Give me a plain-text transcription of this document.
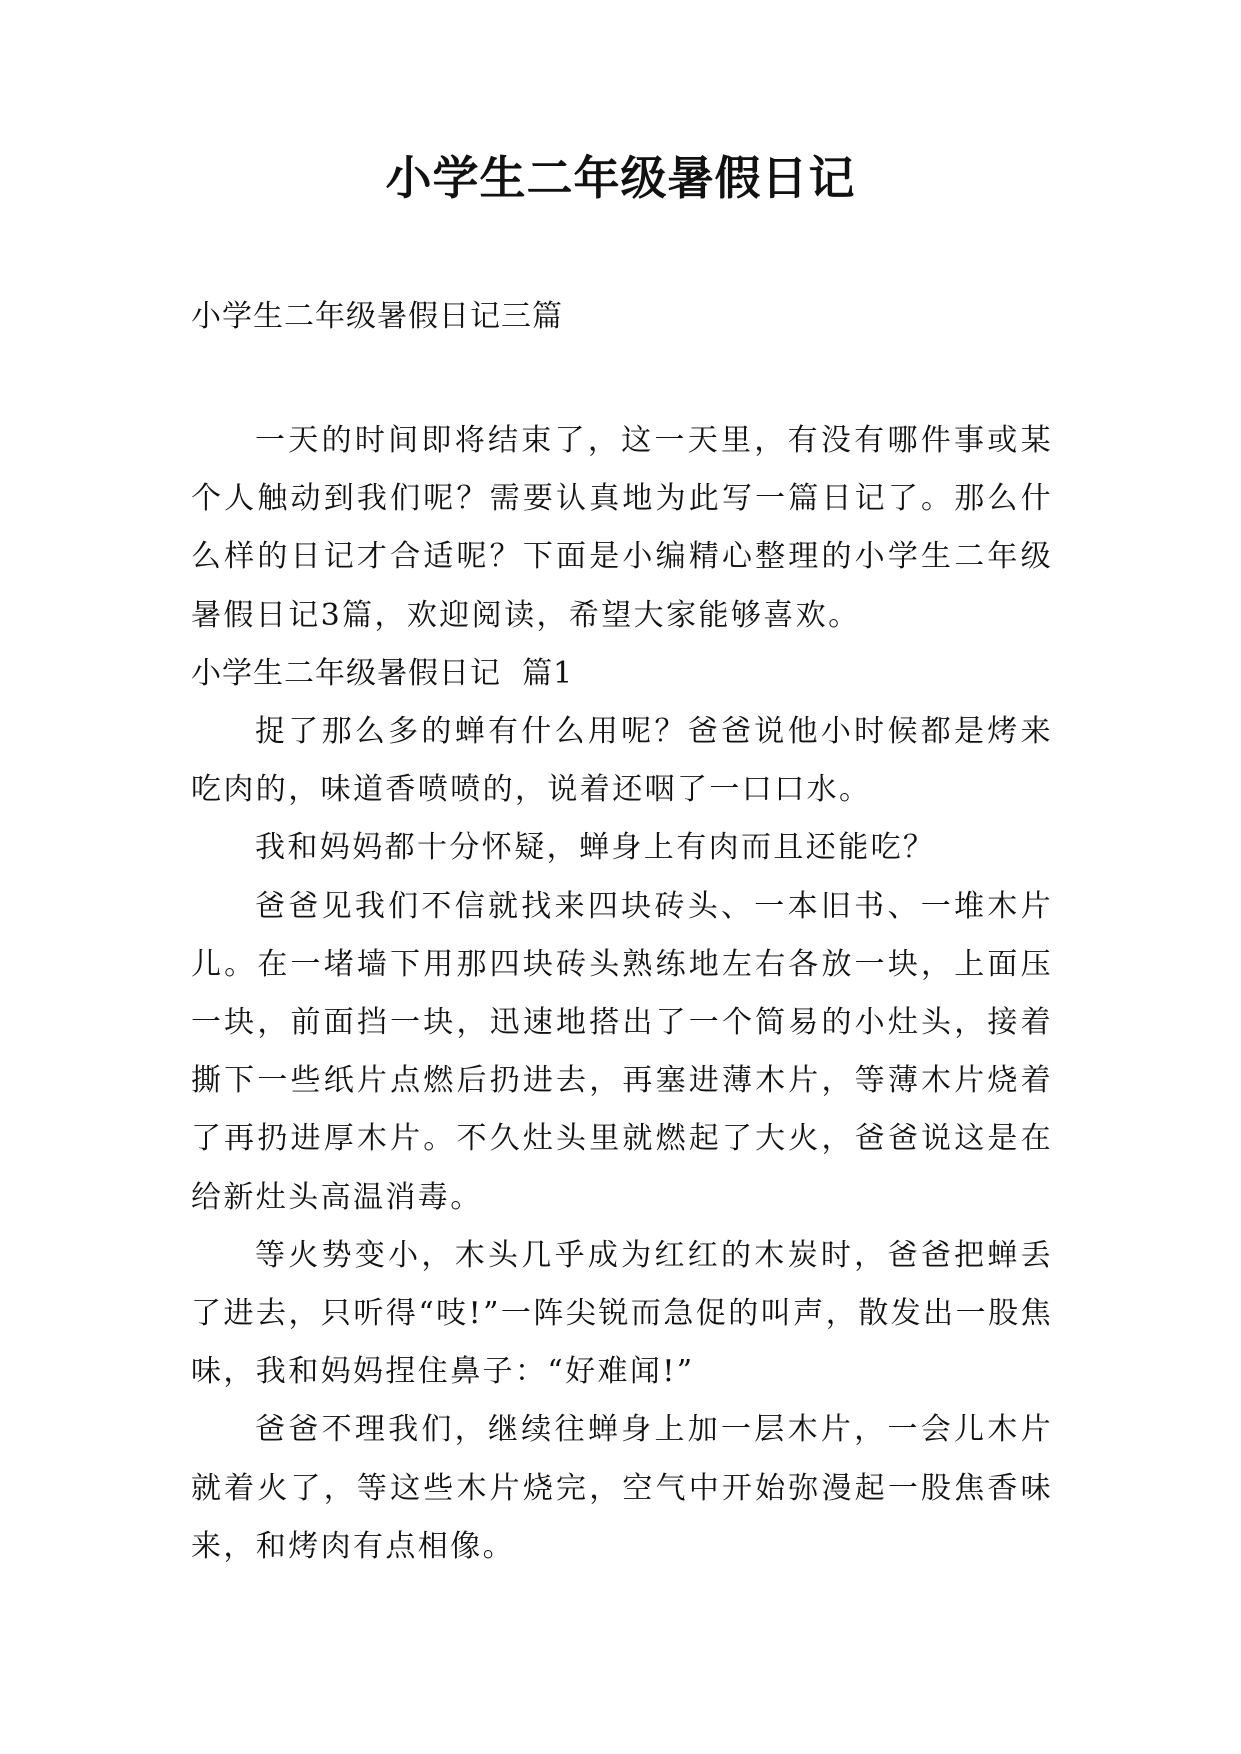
小学生二年级暑假日记

小学生二年级暑假日记三篇

一天的时间即将结束了，这一天里，有没有哪件事或某个人触动到我们呢？需要认真地为此写一篇日记了。那么什么样的日记才合适呢？下面是小编精心整理的小学生二年级暑假日记3篇，欢迎阅读，希望大家能够喜欢。

小学生二年级暑假日记  篇1

捉了那么多的蝉有什么用呢？爸爸说他小时候都是烤来吃肉的，味道香喷喷的，说着还咽了一口口水。

我和妈妈都十分怀疑，蝉身上有肉而且还能吃？

爸爸见我们不信就找来四块砖头、一本旧书、一堆木片儿。在一堵墙下用那四块砖头熟练地左右各放一块，上面压一块，前面挡一块，迅速地搭出了一个简易的小灶头，接着撕下一些纸片点燃后扔进去，再塞进薄木片，等薄木片烧着了再扔进厚木片。不久灶头里就燃起了大火，爸爸说这是在给新灶头高温消毒。

等火势变小，木头几乎成为红红的木炭时，爸爸把蝉丢了进去，只听得“吱!”一阵尖锐而急促的叫声，散发出一股焦味，我和妈妈捏住鼻子：“好难闻!”

爸爸不理我们，继续往蝉身上加一层木片，一会儿木片就着火了，等这些木片烧完，空气中开始弥漫起一股焦香味来，和烤肉有点相像。
